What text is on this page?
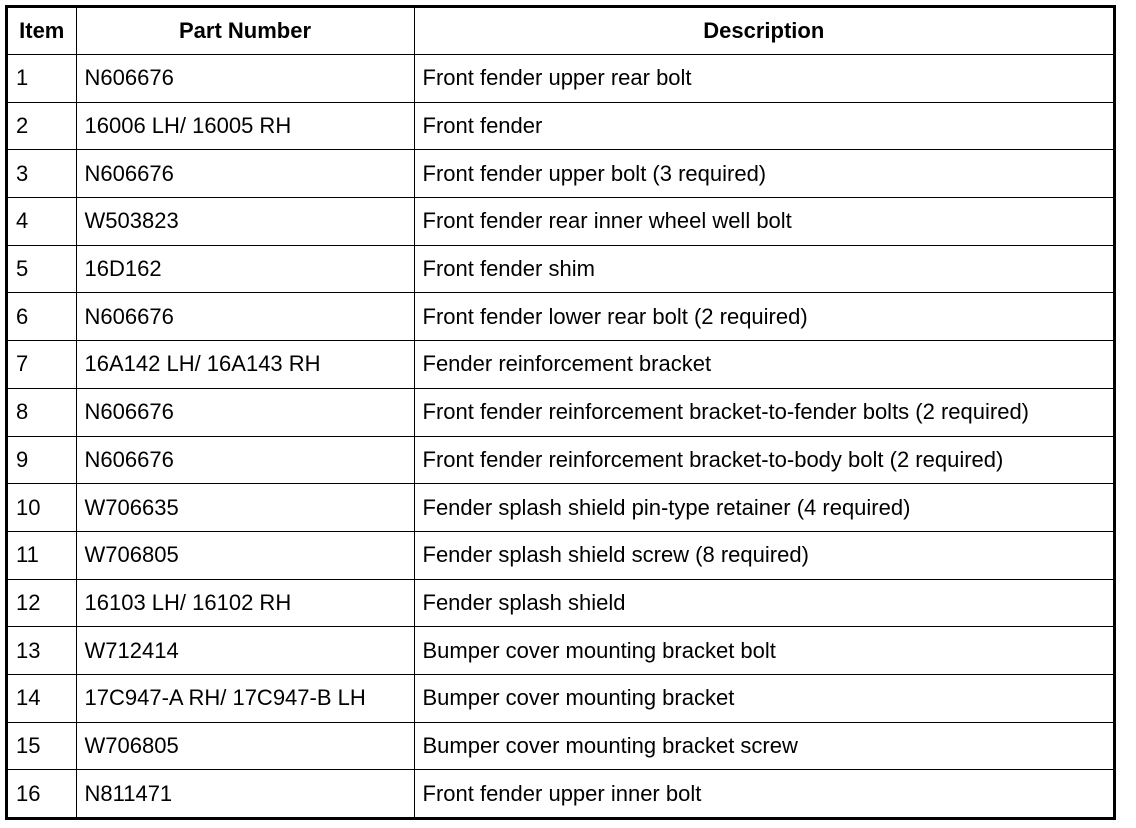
Item	Part Number	Description
1	N606676	Front fender upper rear bolt
2	16006 LH/ 16005 RH	Front fender
3	N606676	Front fender upper bolt (3 required)
4	W503823	Front fender rear inner wheel well bolt
5	16D162	Front fender shim
6	N606676	Front fender lower rear bolt (2 required)
7	16A142 LH/ 16A143 RH	Fender reinforcement bracket
8	N606676	Front fender reinforcement bracket-to-fender bolts (2 required)
9	N606676	Front fender reinforcement bracket-to-body bolt (2 required)
10	W706635	Fender splash shield pin-type retainer (4 required)
11	W706805	Fender splash shield screw (8 required)
12	16103 LH/ 16102 RH	Fender splash shield
13	W712414	Bumper cover mounting bracket bolt
14	17C947-A RH/ 17C947-B LH	Bumper cover mounting bracket
15	W706805	Bumper cover mounting bracket screw
16	N811471	Front fender upper inner bolt
